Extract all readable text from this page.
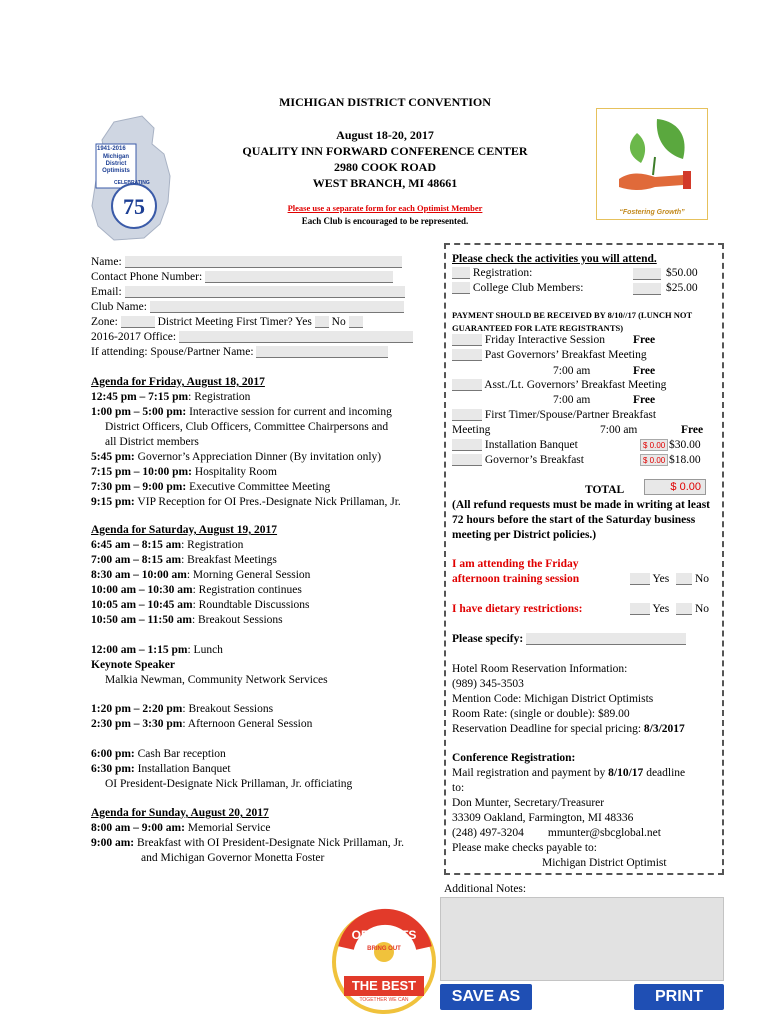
75
1941-2016
Michigan District Optimists
CELEBRATING
“Fostering Growth”
MICHIGAN DISTRICT CONVENTION
August 18-20, 2017
QUALITY INN FORWARD CONFERENCE CENTER
2980 COOK ROAD
WEST BRANCH, MI 48661
Please use a separate form for each Optimist Member
Each Club is encouraged to be represented.
Name:
Contact Phone Number:
Email:
Club Name:
Zone:	District Meeting First Timer? Yes No
2016-2017 Office:
If attending: Spouse/Partner Name:
Agenda for Friday, August 18, 2017
12:45 pm – 7:15 pm: Registration
1:00 pm – 5:00 pm: Interactive session for current and incoming
District Officers, Club Officers, Committee Chairpersons and
all District members
5:45 pm: Governor’s Appreciation Dinner (By invitation only)
7:15 pm – 10:00 pm: Hospitality Room
7:30 pm – 9:00 pm: Executive Committee Meeting
9:15 pm: VIP Reception for OI Pres.-Designate Nick Prillaman, Jr.
Agenda for Saturday, August 19, 2017
6:45 am – 8:15 am: Registration
7:00 am – 8:15 am: Breakfast Meetings
8:30 am – 10:00 am: Morning General Session
10:00 am – 10:30 am: Registration continues
10:05 am – 10:45 am: Roundtable Discussions
10:50 am – 11:50 am: Breakout Sessions
12:00 am – 1:15 pm: Lunch
Keynote Speaker
Malkia Newman, Community Network Services
1:20 pm – 2:20 pm: Breakout Sessions
2:30 pm – 3:30 pm: Afternoon General Session
6:00 pm: Cash Bar reception
6:30 pm: Installation Banquet
OI President-Designate Nick Prillaman, Jr. officiating
Agenda for Sunday, August 20, 2017
8:00 am – 9:00 am: Memorial Service
9:00 am: Breakfast with OI President-Designate Nick Prillaman, Jr.
and Michigan Governor Monetta Foster
Please check the activities you will attend.
Registration:	$50.00
College Club Members:	$25.00
PAYMENT SHOULD BE RECEIVED BY 8/10//17 (LUNCH NOT GUARANTEED FOR LATE REGISTRANTS)
Friday Interactive Session Free
Past Governors’ Breakfast Meeting
7:00 am	Free
Asst./Lt. Governors’ Breakfast Meeting
7:00 am	Free
First Timer/Spouse/Partner Breakfast
Meeting	7:00 am	Free
Installation Banquet	$ 0.00 $30.00
Governor’s Breakfast	$ 0.00 $18.00
TOTAL	$ 0.00
(All refund requests must be made in writing at least 72 hours before the start of the Saturday business meeting per District policies.)
I am attending the Friday afternoon training session	Yes No
I have dietary restrictions:	Yes No
Please specify:
Hotel Room Reservation Information:
(989) 345-3503
Mention Code: Michigan District Optimists
Room Rate: (single or double): $89.00
Reservation Deadline for special pricing: 8/3/2017
Conference Registration:
Mail registration and payment by 8/10/17 deadline
to:
Don Munter, Secretary/Treasurer
33309 Oakland, Farmington, MI 48336
(248) 497-3204 mmunter@sbcglobal.net
Please make checks payable to:
Michigan District Optimist
Additional Notes:
OPTIMISTS
BRING OUT
THE BEST
TOGETHER WE CAN	SAVE AS	PRINT
